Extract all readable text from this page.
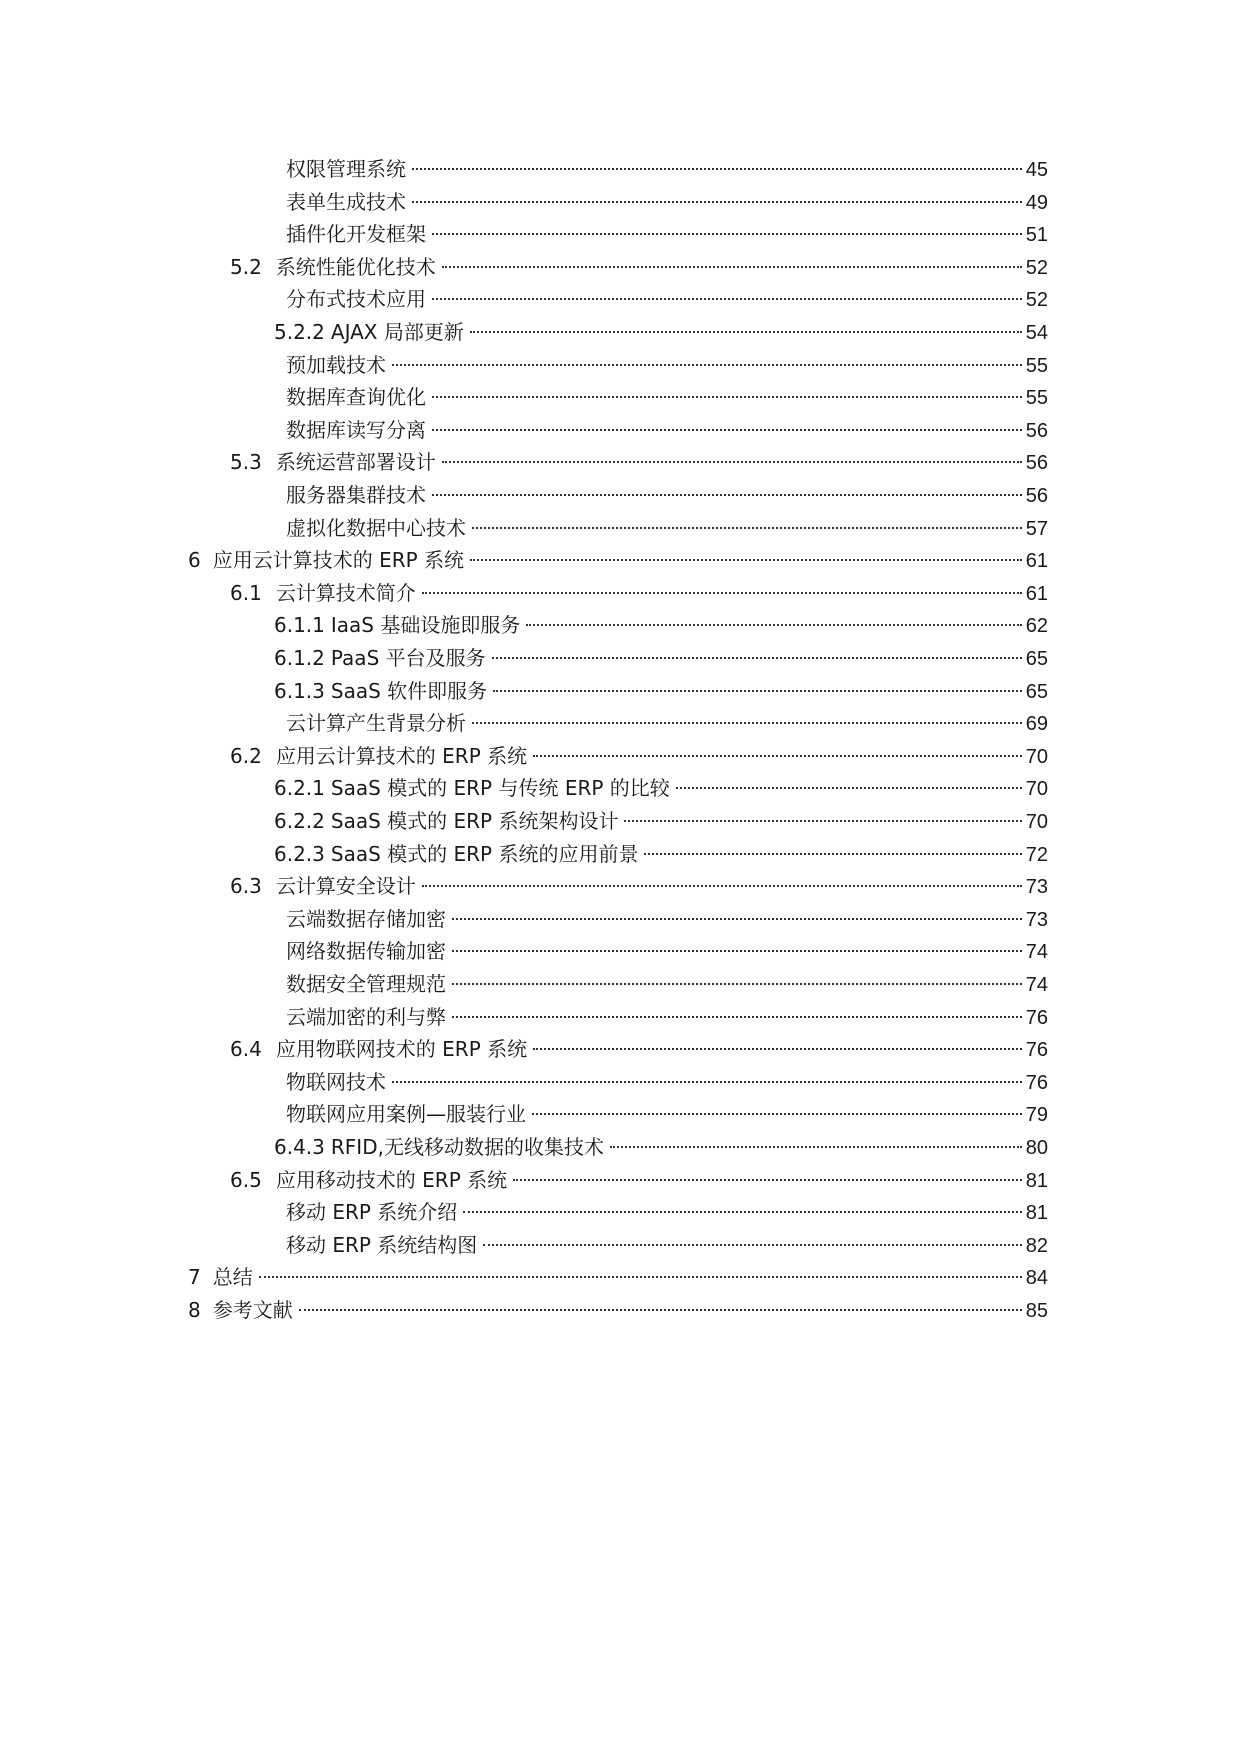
权限管理系统	45
表单生成技术	49
插件化开发框架	51
5.2 系统性能优化技术	52
分布式技术应用	52
5.2.2 AJAX 局部更新	54
预加载技术	55
数据库查询优化	55
数据库读写分离	56
5.3 系统运营部署设计	56
服务器集群技术	56
虚拟化数据中心技术	57
6 应用云计算技术的 ERP 系统	61
6.1 云计算技术简介	61
6.1.1 IaaS 基础设施即服务	62
6.1.2 PaaS 平台及服务	65
6.1.3 SaaS 软件即服务	65
云计算产生背景分析	69
6.2 应用云计算技术的 ERP 系统	70
6.2.1 SaaS 模式的 ERP 与传统 ERP 的比较	70
6.2.2 SaaS 模式的 ERP 系统架构设计	70
6.2.3 SaaS 模式的 ERP 系统的应用前景	72
6.3 云计算安全设计	73
云端数据存储加密	73
网络数据传输加密	74
数据安全管理规范	74
云端加密的利与弊	76
6.4 应用物联网技术的 ERP 系统	76
物联网技术	76
物联网应用案例—服装行业	79
6.4.3 RFID,无线移动数据的收集技术	80
6.5 应用移动技术的 ERP 系统	81
移动 ERP 系统介绍	81
移动 ERP 系统结构图	82
7 总结	84
8 参考文献	85
